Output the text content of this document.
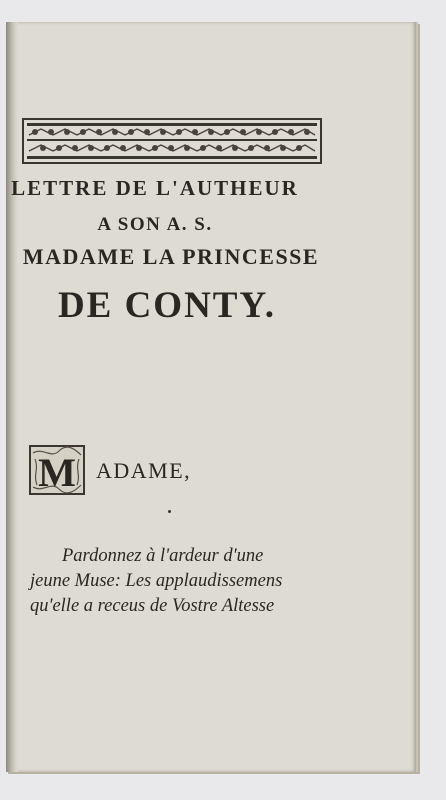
LETTRE DE L'AUTHEUR
A SON A. S.
MADAME LA PRINCESSE
DE CONTY.
M ADAME,

Pardonnez à l'ardeur d'une

jeune Muse: Les applaudissemens

qu'elle a receus de Vostre Altesse
